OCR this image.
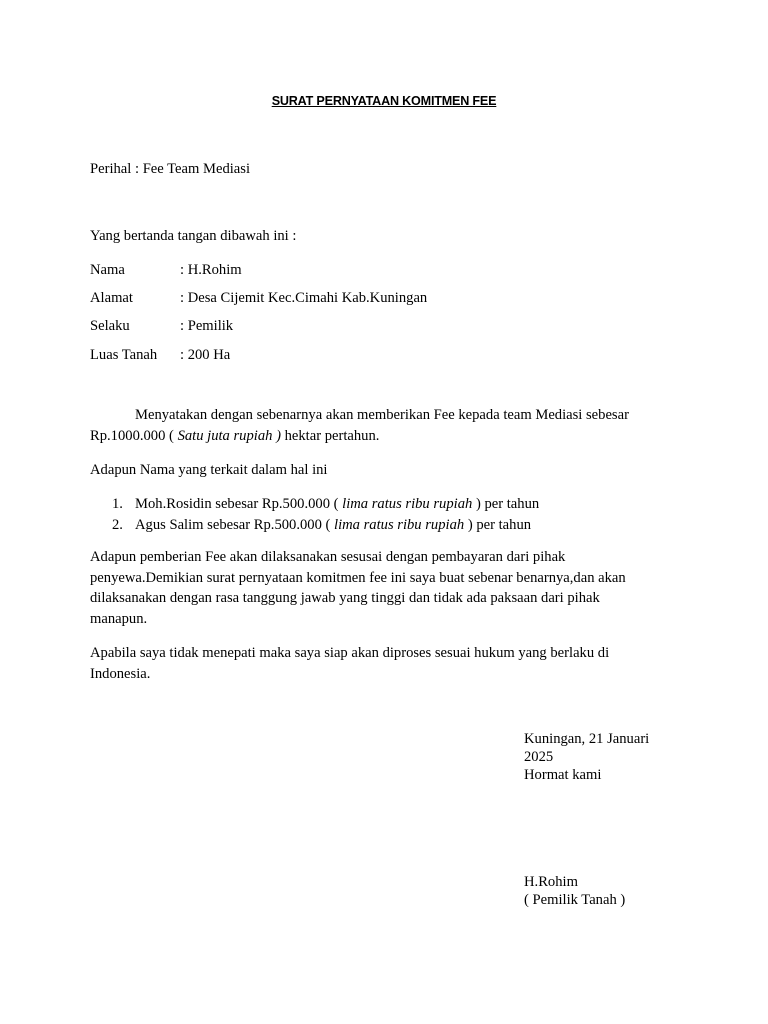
SURAT PERNYATAAN KOMITMEN FEE
Perihal : Fee Team Mediasi
Yang bertanda tangan dibawah ini :
Nama	: H.Rohim
Alamat	: Desa Cijemit Kec.Cimahi Kab.Kuningan
Selaku	: Pemilik
Luas Tanah : 200 Ha
Menyatakan dengan sebenarnya akan memberikan Fee kepada team Mediasi sebesar Rp.1000.000 ( Satu juta rupiah ) hektar pertahun.
Adapun Nama yang terkait dalam hal ini
1. Moh.Rosidin sebesar Rp.500.000 ( lima ratus ribu rupiah ) per tahun
2. Agus Salim sebesar Rp.500.000 ( lima ratus ribu rupiah ) per tahun
Adapun pemberian Fee akan dilaksanakan sesusai dengan pembayaran dari pihak penyewa.Demikian surat pernyataan komitmen fee ini saya buat sebenar benarnya,dan akan dilaksanakan dengan rasa tanggung jawab yang tinggi dan tidak ada paksaan dari pihak manapun.
Apabila saya tidak menepati maka saya siap akan diproses sesuai hukum yang berlaku di Indonesia.
Kuningan, 21 Januari 2025
Hormat kami
H.Rohim
( Pemilik Tanah )
